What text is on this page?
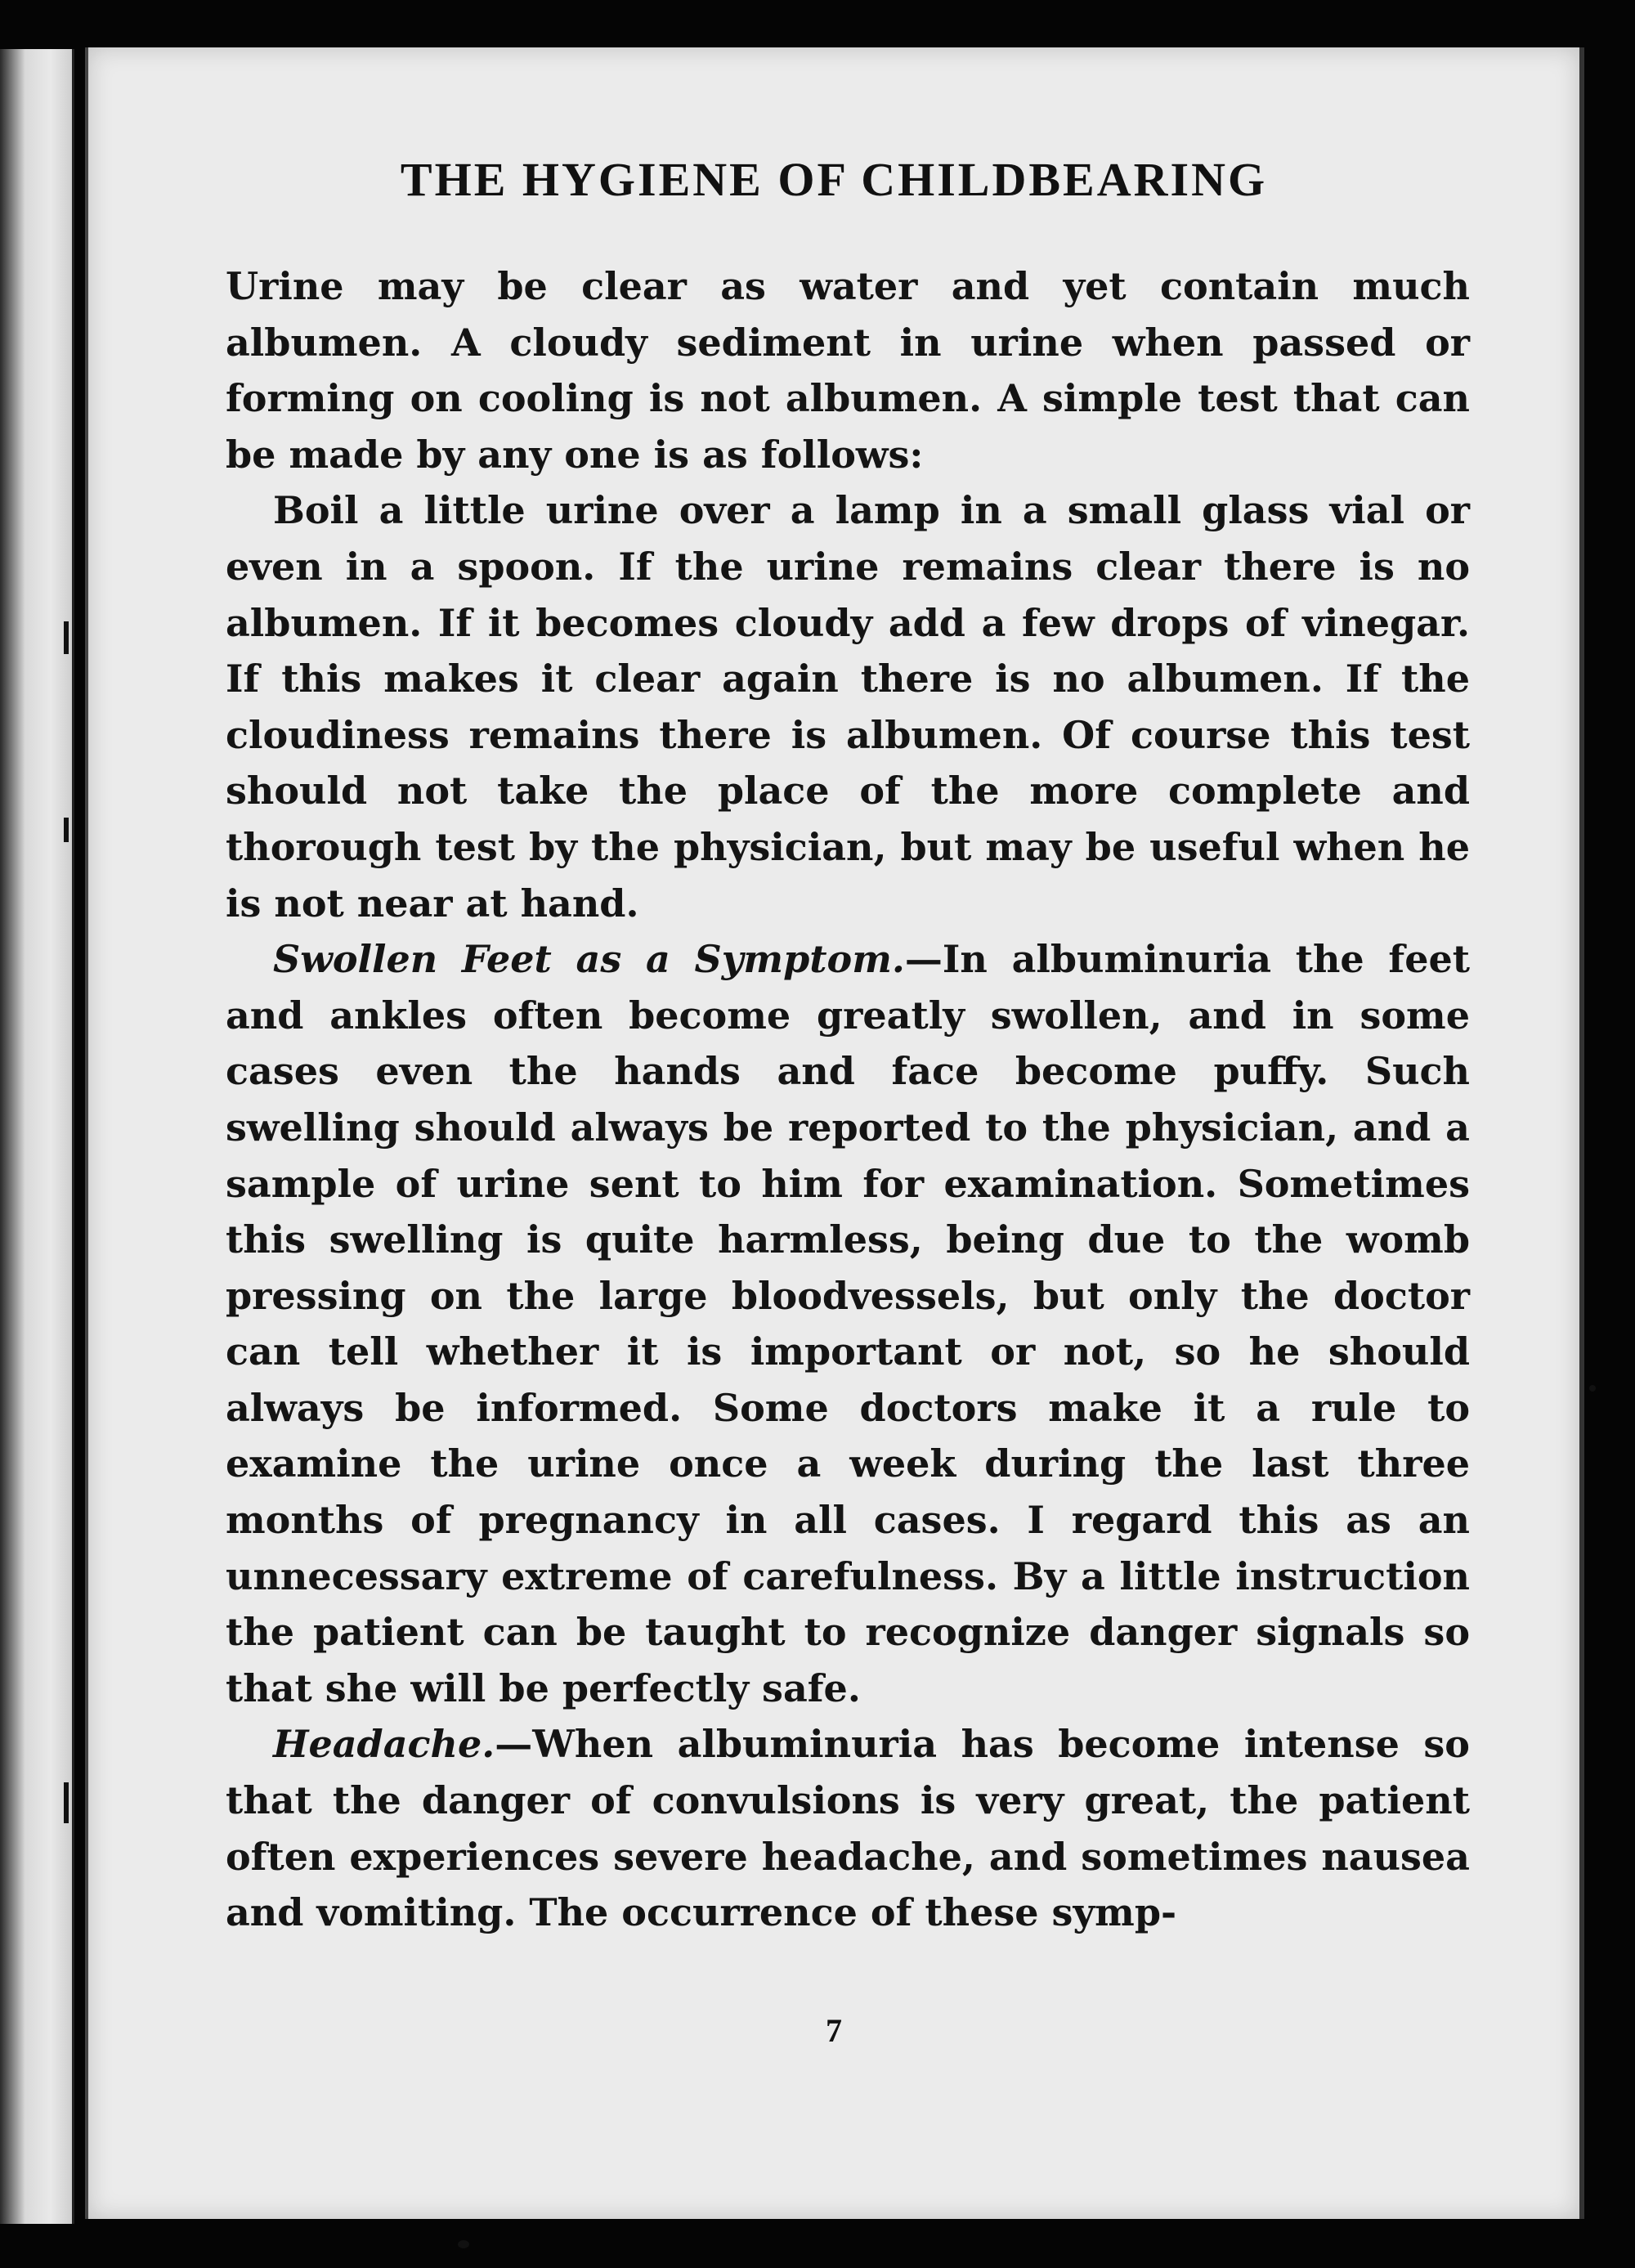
THE HYGIENE OF CHILDBEARING

Urine may be clear as water and yet contain much albumen. A cloudy sediment in urine when passed or forming on cooling is not albumen. A simple test that can be made by any one is as follows:

Boil a little urine over a lamp in a small glass vial or even in a spoon. If the urine remains clear there is no albumen. If it becomes cloudy add a few drops of vinegar. If this makes it clear again there is no albumen. If the cloudiness remains there is albumen. Of course this test should not take the place of the more complete and thorough test by the physician, but may be useful when he is not near at hand.

Swollen Feet as a Symptom.—In albuminuria the feet and ankles often become greatly swollen, and in some cases even the hands and face become puffy. Such swelling should always be reported to the physician, and a sample of urine sent to him for examination. Sometimes this swelling is quite harmless, being due to the womb pressing on the large bloodvessels, but only the doctor can tell whether it is important or not, so he should always be informed. Some doctors make it a rule to examine the urine once a week during the last three months of pregnancy in all cases. I regard this as an unnecessary extreme of carefulness. By a little instruction the patient can be taught to recognize danger signals so that she will be perfectly safe.

Headache.—When albuminuria has become intense so that the danger of convulsions is very great, the patient often experiences severe headache, and sometimes nausea and vomiting. The occurrence of these symp-

7
